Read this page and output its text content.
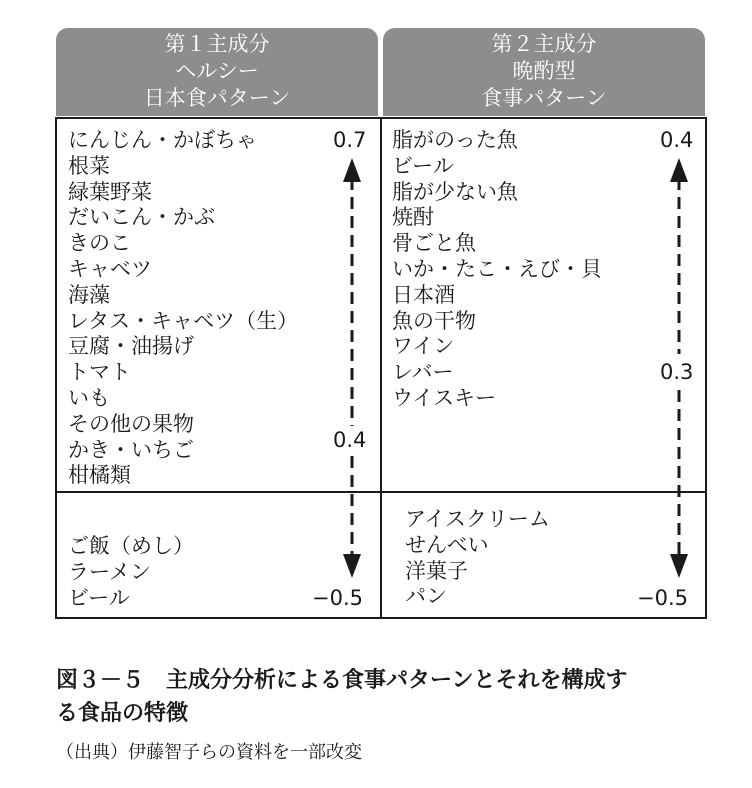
第１主成分
ヘルシー
日本食パターン
第２主成分
晩酌型
食事パターン
にんじん・かぼちゃ
根菜
緑葉野菜
だいこん・かぶ
きのこ
キャベツ
海藻
レタス・キャベツ（生）
豆腐・油揚げ
トマト
いも
その他の果物
かき・いちご
柑橘類
ご飯（めし）
ラーメン
ビール
脂がのった魚
ビール
脂が少ない魚
焼酎
骨ごと魚
いか・たこ・えび・貝
日本酒
魚の干物
ワイン
レバー
ウイスキー
アイスクリーム
せんべい
洋菓子
パン
0.7
0.4
−0.5
0.4
0.3
−0.5
図３－５　主成分分析による食事パターンとそれを構成す
る食品の特徴
（出典）伊藤智子らの資料を一部改変
